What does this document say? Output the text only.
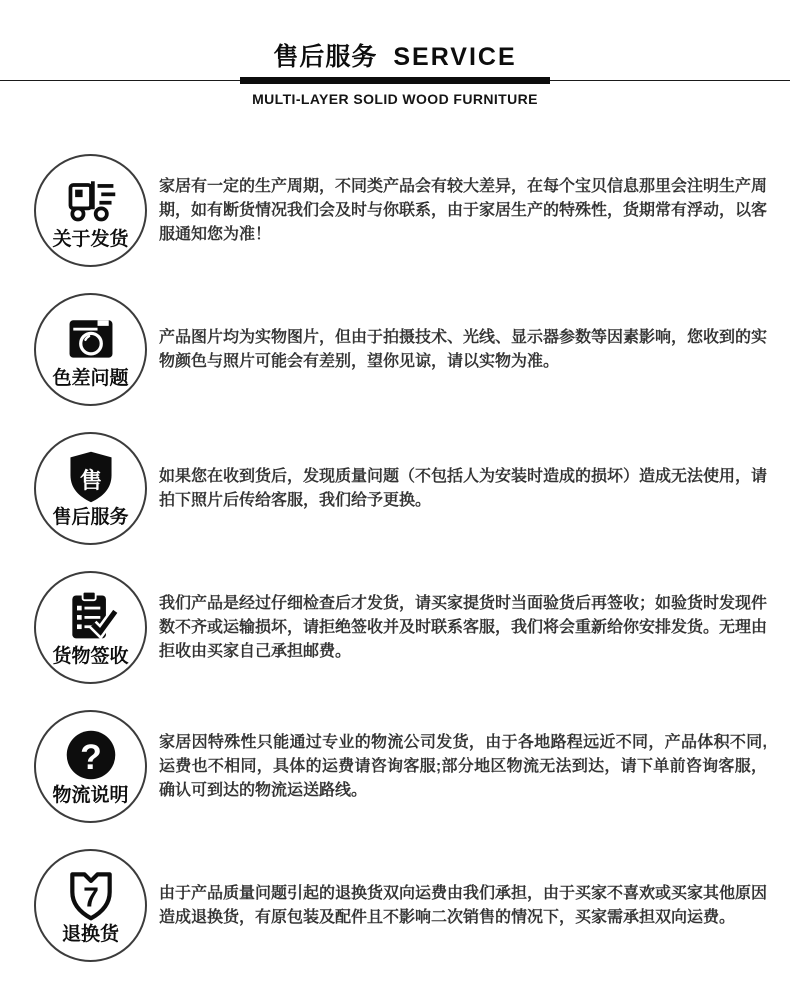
售后服务 SERVICE
MULTI-LAYER SOLID WOOD FURNITURE
关于发货
家居有一定的生产周期，不同类产品会有较大差异，在每个宝贝信息那里会注明生产周期，如有断货情况我们会及时与你联系，由于家居生产的特殊性，货期常有浮动，以客服通知您为准！
色差问题
产品图片均为实物图片，但由于拍摄技术、光线、显示器参数等因素影响，您收到的实物颜色与照片可能会有差别，望你见谅，请以实物为准。
售
售后服务
如果您在收到货后，发现质量问题（不包括人为安装时造成的损坏）造成无法使用，请拍下照片后传给客服，我们给予更换。
货物签收
我们产品是经过仔细检查后才发货，请买家提货时当面验货后再签收；如验货时发现件数不齐或运输损坏，请拒绝签收并及时联系客服，我们将会重新给你安排发货。无理由拒收由买家自己承担邮费。
?
物流说明
家居因特殊性只能通过专业的物流公司发货，由于各地路程远近不同，产品体积不同,运费也不相同，具体的运费请咨询客服;部分地区物流无法到达，请下单前咨询客服，确认可到达的物流运送路线。
7
退换货
由于产品质量问题引起的退换货双向运费由我们承担，由于买家不喜欢或买家其他原因造成退换货，有原包装及配件且不影响二次销售的情况下，买家需承担双向运费。
